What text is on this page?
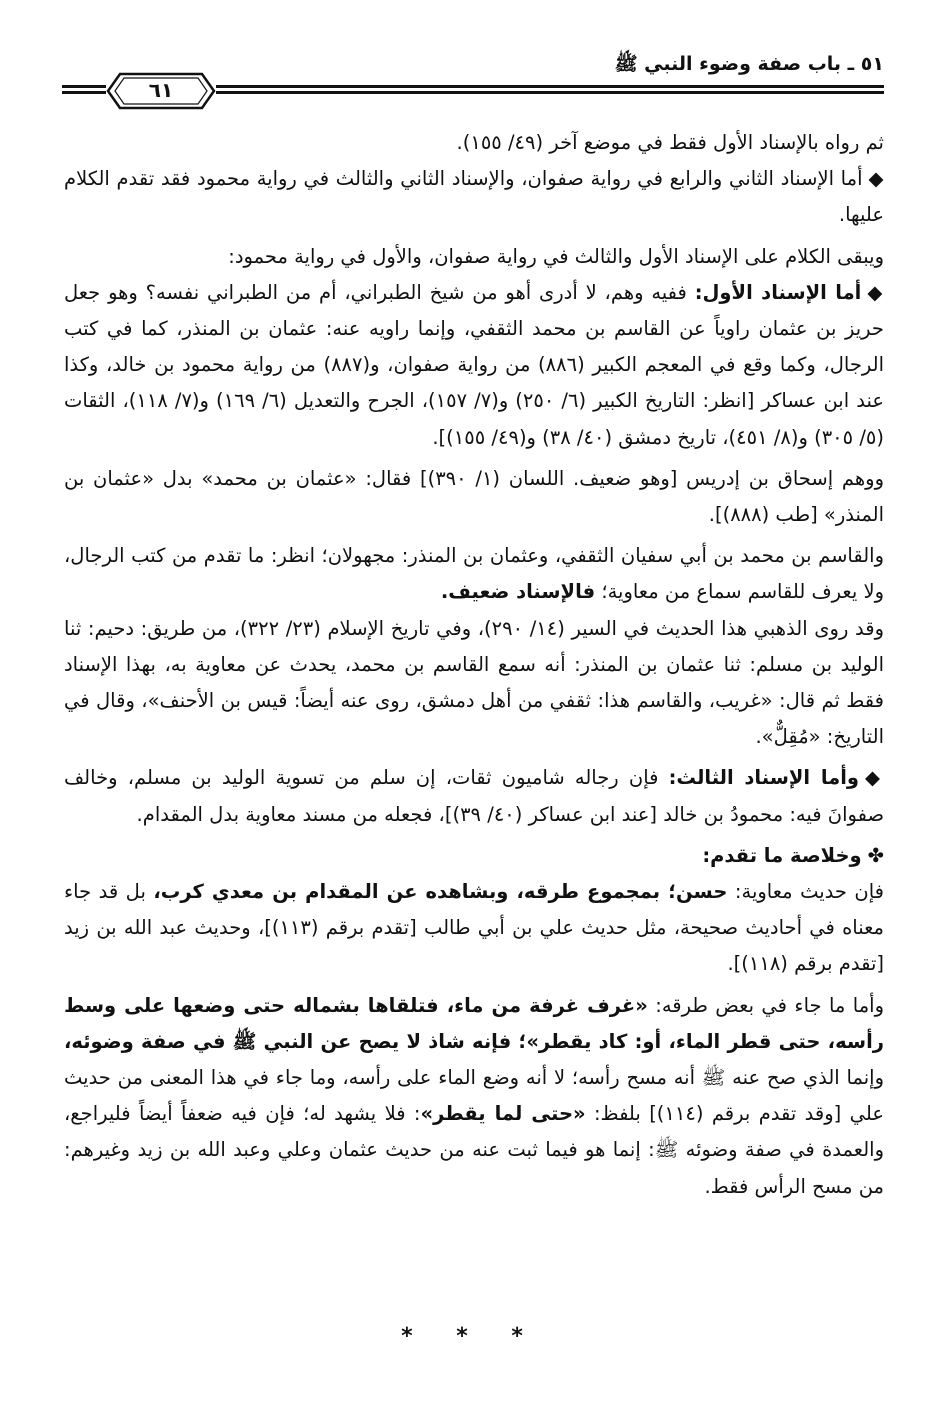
٥١ ـ باب صفة وضوء النبي ﷺ
٦١

ثم رواه بالإسناد الأول فقط في موضع آخر (٤٩/ ١٥٥).

◆أما الإسناد الثاني والرابع في رواية صفوان، والإسناد الثاني والثالث في رواية محمود فقد تقدم الكلام عليها.

ويبقى الكلام على الإسناد الأول والثالث في رواية صفوان، والأول في رواية محمود:

◆أما الإسناد الأول: ففيه وهم، لا أدرى أهو من شيخ الطبراني، أم من الطبراني نفسه؟ وهو جعل حريز بن عثمان راوياً عن القاسم بن محمد الثقفي، وإنما راويه عنه: عثمان بن المنذر، كما في كتب الرجال، وكما وقع في المعجم الكبير (٨٨٦) من رواية صفوان، و(٨٨٧) من رواية محمود بن خالد، وكذا عند ابن عساكر [انظر: التاريخ الكبير (٦/ ٢٥٠) و(٧/ ١٥٧)، الجرح والتعديل (٦/ ١٦٩) و(٧/ ١١٨)، الثقات (٥/ ٣٠٥) و(٨/ ٤٥١)، تاريخ دمشق (٤٠/ ٣٨) و(٤٩/ ١٥٥)].

ووهم إسحاق بن إدريس [وهو ضعيف. اللسان (١/ ٣٩٠)] فقال: «عثمان بن محمد» بدل «عثمان بن المنذر» [طب (٨٨٨)].

والقاسم بن محمد بن أبي سفيان الثقفي، وعثمان بن المنذر: مجهولان؛ انظر: ما تقدم من كتب الرجال، ولا يعرف للقاسم سماع من معاوية؛ فالإسناد ضعيف.

وقد روى الذهبي هذا الحديث في السير (١٤/ ٢٩٠)، وفي تاريخ الإسلام (٢٣/ ٣٢٢)، من طريق: دحيم: ثنا الوليد بن مسلم: ثنا عثمان بن المنذر: أنه سمع القاسم بن محمد، يحدث عن معاوية به، بهذا الإسناد فقط ثم قال: «غريب، والقاسم هذا: ثقفي من أهل دمشق، روى عنه أيضاً: قيس بن الأحنف»، وقال في التاريخ: «مُقِلٌّ».

◆وأما الإسناد الثالث: فإن رجاله شاميون ثقات، إن سلم من تسوية الوليد بن مسلم، وخالف صفوانَ فيه: محمودُ بن خالد [عند ابن عساكر (٤٠/ ٣٩)]، فجعله من مسند معاوية بدل المقدام.

✤وخلاصة ما تقدم:

فإن حديث معاوية: حسن؛ بمجموع طرقه، وبشاهده عن المقدام بن معدي كرب، بل قد جاء معناه في أحاديث صحيحة، مثل حديث علي بن أبي طالب [تقدم برقم (١١٣)]، وحديث عبد الله بن زيد [تقدم برقم (١١٨)].

وأما ما جاء في بعض طرقه: «غرف غرفة من ماء، فتلقاها بشماله حتى وضعها على وسط رأسه، حتى قطر الماء، أو: كاد يقطر»؛ فإنه شاذ لا يصح عن النبي ﷺ في صفة وضوئه، وإنما الذي صح عنه ﷺ أنه مسح رأسه؛ لا أنه وضع الماء على رأسه، وما جاء في هذا المعنى من حديث علي [وقد تقدم برقم (١١٤)] بلفظ: «حتى لما يقطر»: فلا يشهد له؛ فإن فيه ضعفاً أيضاً فليراجع، والعمدة في صفة وضوئه ﷺ: إنما هو فيما ثبت عنه من حديث عثمان وعلي وعبد الله بن زيد وغيرهم: من مسح الرأس فقط.

* * *
